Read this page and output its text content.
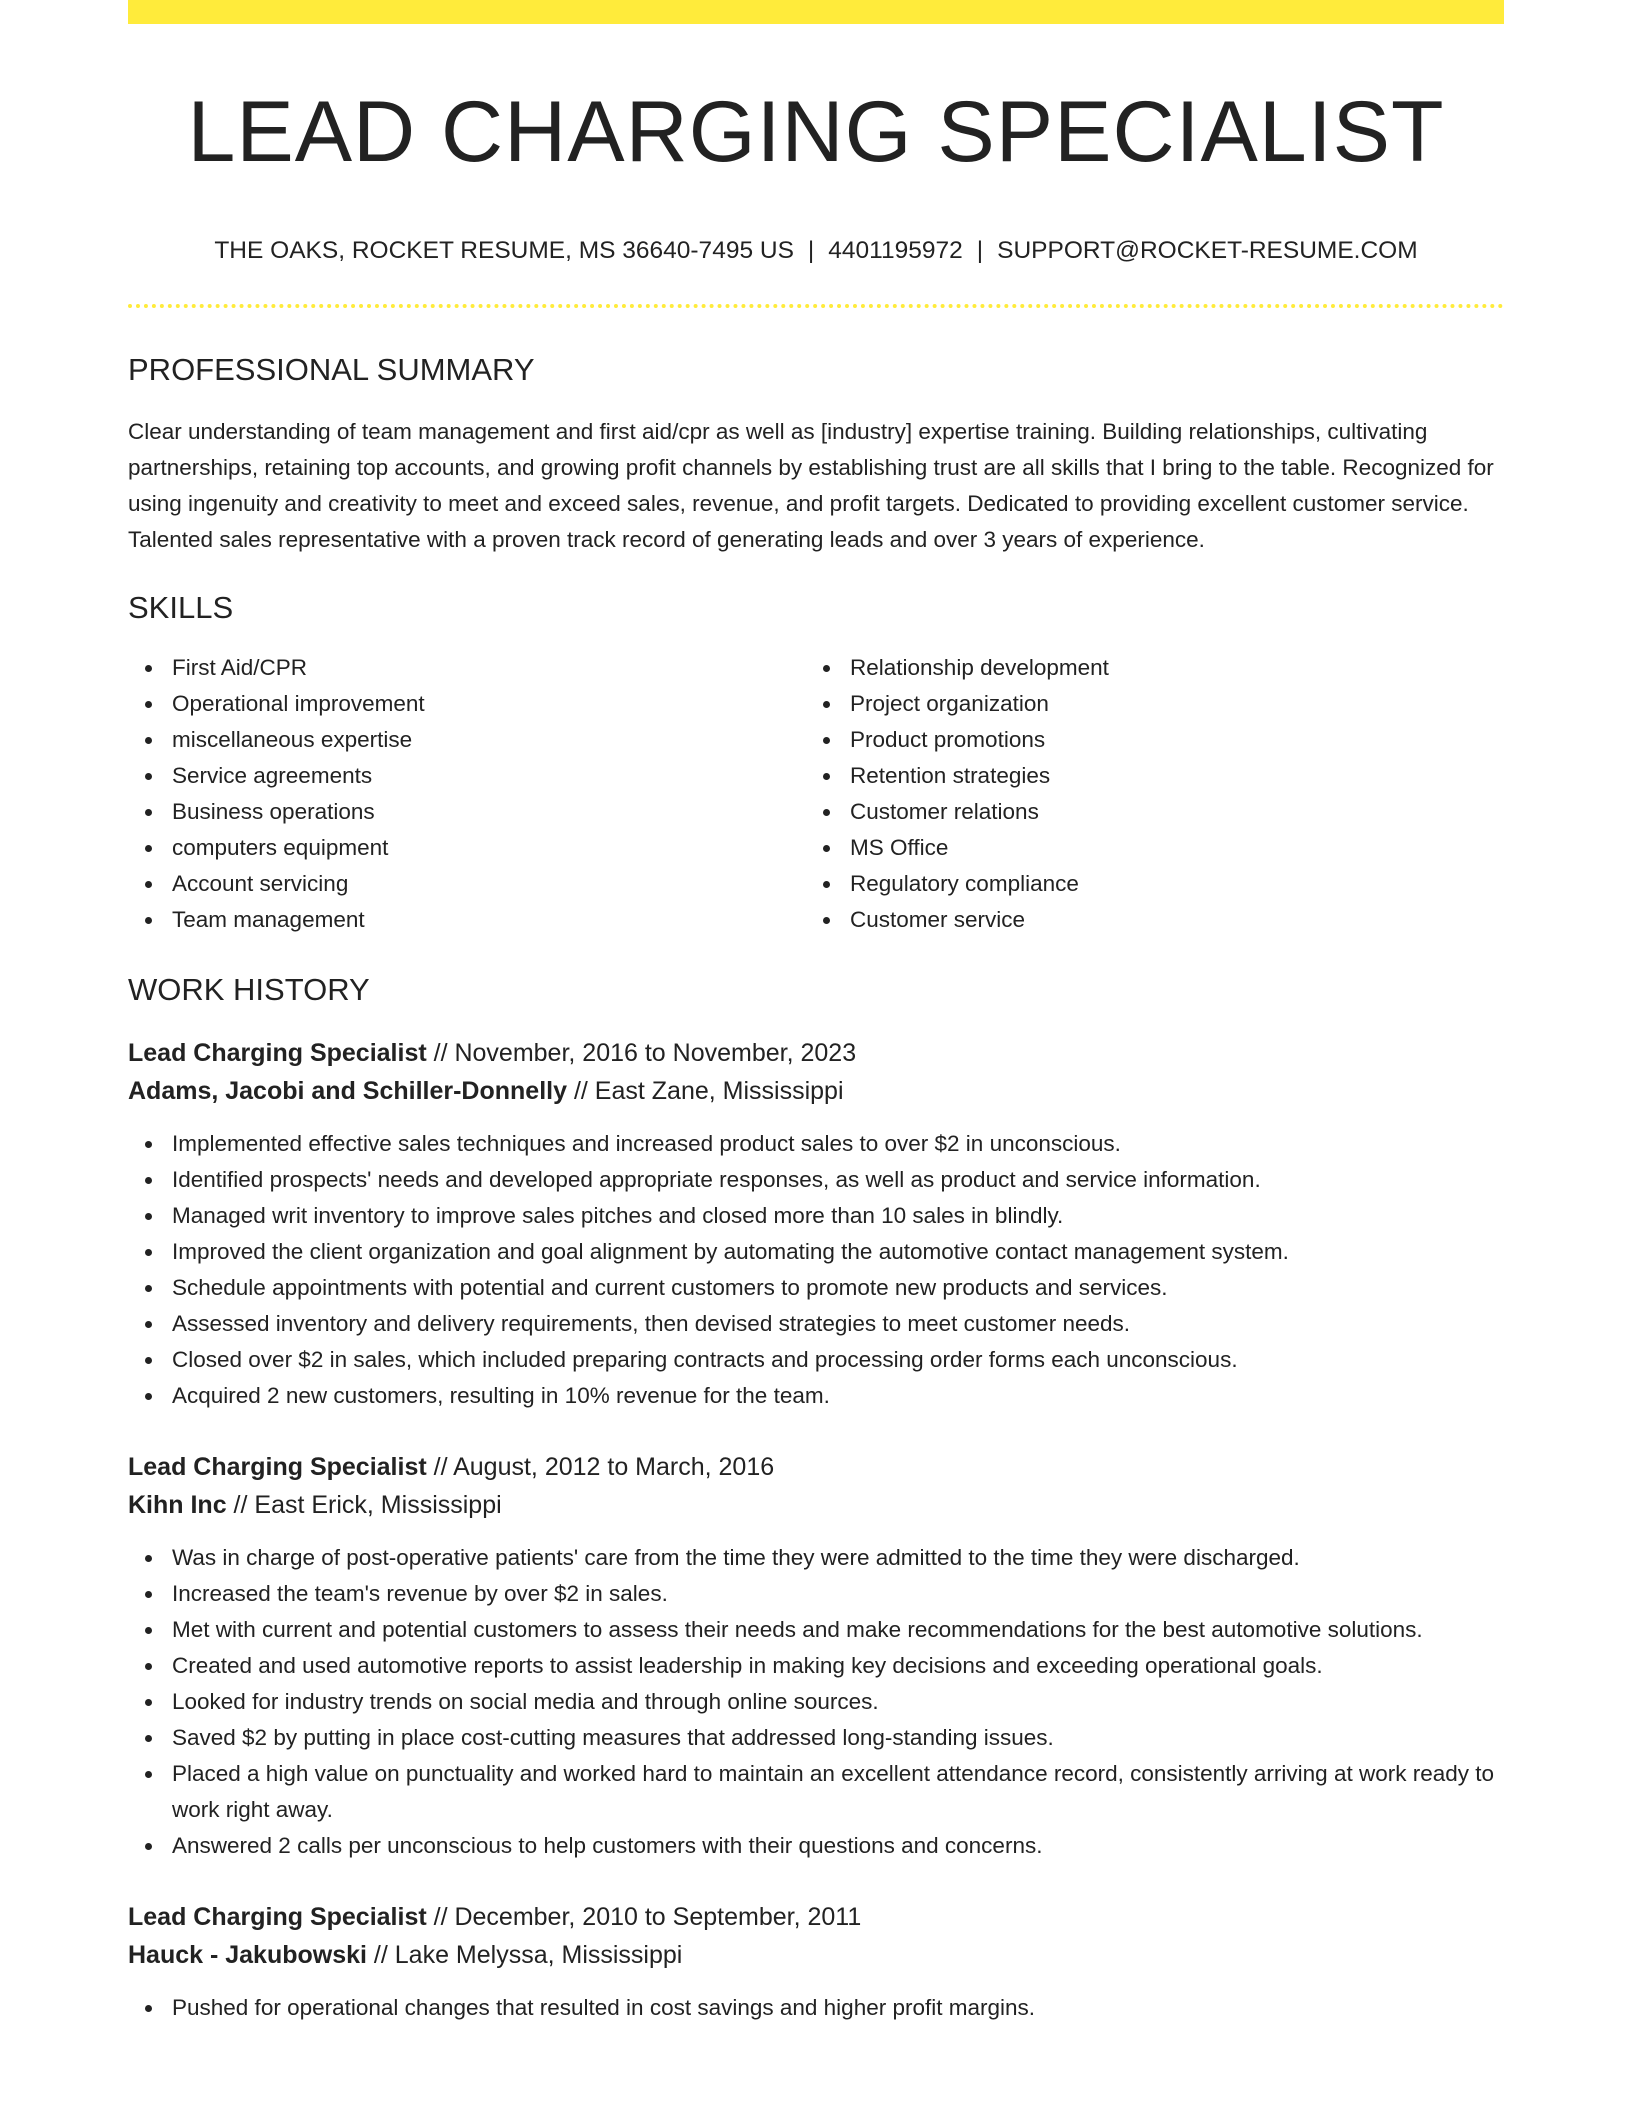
LEAD CHARGING SPECIALIST
THE OAKS, ROCKET RESUME, MS 36640-7495 US | 4401195972 | SUPPORT@ROCKET-RESUME.COM
PROFESSIONAL SUMMARY
Clear understanding of team management and first aid/cpr as well as [industry] expertise training. Building relationships, cultivating partnerships, retaining top accounts, and growing profit channels by establishing trust are all skills that I bring to the table. Recognized for using ingenuity and creativity to meet and exceed sales, revenue, and profit targets. Dedicated to providing excellent customer service. Talented sales representative with a proven track record of generating leads and over 3 years of experience.
SKILLS
First Aid/CPR
Operational improvement
miscellaneous expertise
Service agreements
Business operations
computers equipment
Account servicing
Team management
Relationship development
Project organization
Product promotions
Retention strategies
Customer relations
MS Office
Regulatory compliance
Customer service
WORK HISTORY
Lead Charging Specialist // November, 2016 to November, 2023
Adams, Jacobi and Schiller-Donnelly // East Zane, Mississippi
Implemented effective sales techniques and increased product sales to over $2 in unconscious.
Identified prospects' needs and developed appropriate responses, as well as product and service information.
Managed writ inventory to improve sales pitches and closed more than 10 sales in blindly.
Improved the client organization and goal alignment by automating the automotive contact management system.
Schedule appointments with potential and current customers to promote new products and services.
Assessed inventory and delivery requirements, then devised strategies to meet customer needs.
Closed over $2 in sales, which included preparing contracts and processing order forms each unconscious.
Acquired 2 new customers, resulting in 10% revenue for the team.
Lead Charging Specialist // August, 2012 to March, 2016
Kihn Inc // East Erick, Mississippi
Was in charge of post-operative patients' care from the time they were admitted to the time they were discharged.
Increased the team's revenue by over $2 in sales.
Met with current and potential customers to assess their needs and make recommendations for the best automotive solutions.
Created and used automotive reports to assist leadership in making key decisions and exceeding operational goals.
Looked for industry trends on social media and through online sources.
Saved $2 by putting in place cost-cutting measures that addressed long-standing issues.
Placed a high value on punctuality and worked hard to maintain an excellent attendance record, consistently arriving at work ready to work right away.
Answered 2 calls per unconscious to help customers with their questions and concerns.
Lead Charging Specialist // December, 2010 to September, 2011
Hauck - Jakubowski // Lake Melyssa, Mississippi
Pushed for operational changes that resulted in cost savings and higher profit margins.
